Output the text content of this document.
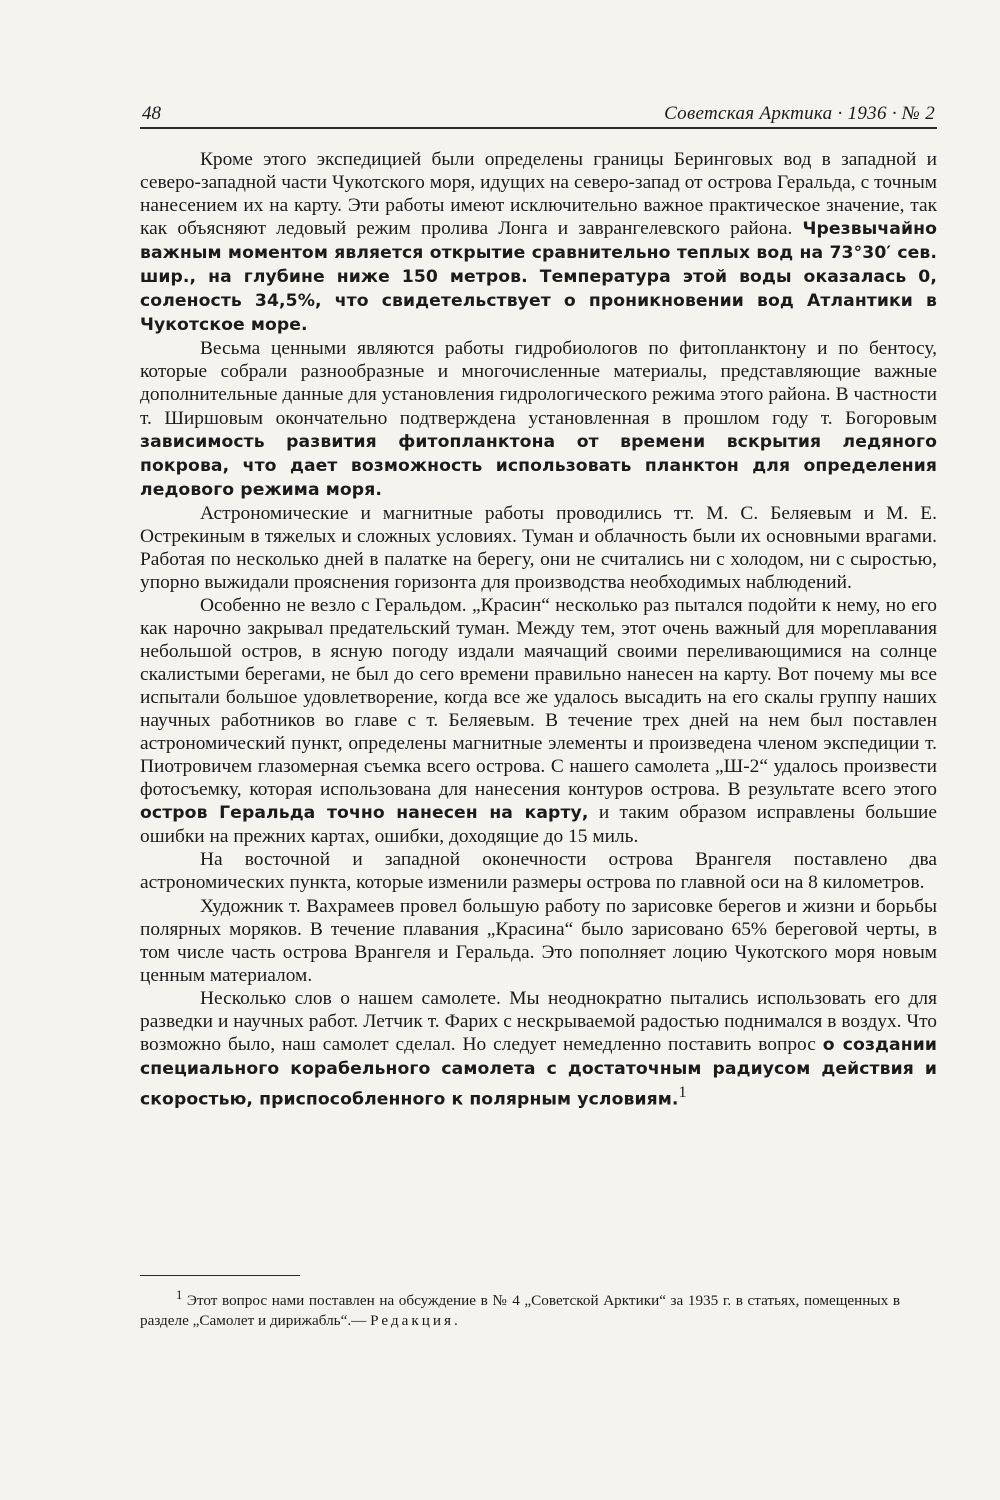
48	Советская Арктика · 1936 · № 2

Кроме этого экспедицией были определены границы Беринговых вод в западной и северо-западной части Чукотского моря, идущих на северо-запад от острова Геральда, с точным нанесением их на карту. Эти работы имеют исключительно важное практическое значение, так как объясняют ледовый режим пролива Лонга и завpангелевского района. Чрезвычайно важным моментом является открытие сравнительно теплых вод на 73°30′ сев. шир., на глубине ниже 150 метров. Температура этой воды оказалась 0, соленость 34,5%, что свидетельствует о проникновении вод Атлантики в Чукотское море.

Весьма ценными являются работы гидробиологов по фитопланктону и по бентосу, которые собрали разнообразные и многочисленные материалы, представляющие важные дополнительные данные для установления гидрологического режима этого района. В частности т. Ширшовым окончательно подтверждена установленная в прошлом году т. Богоровым зависимость развития фитопланктона от времени вскрытия ледяного покрова, что дает возможность использовать планктон для определения ледового режима моря.

Астрономические и магнитные работы проводились тт. М. С. Беляевым и М. Е. Острекиным в тяжелых и сложных условиях. Туман и облачность были их основными врагами. Работая по несколько дней в палатке на берегу, они не считались ни с холодом, ни с сыростью, упорно выжидали прояснения горизонта для производства необходимых наблюдений.

Особенно не везло с Геральдом. „Красин“ несколько раз пытался подойти к нему, но его как нарочно закрывал предательский туман. Между тем, этот очень важный для мореплавания небольшой остров, в ясную погоду издали маячащий своими переливающимися на солнце скалистыми берегами, не был до сего времени правильно нанесен на карту. Вот почему мы все испытали большое удовлетворение, когда все же удалось высадить на его скалы группу наших научных работников во главе с т. Беляевым. В течение трех дней на нем был поставлен астрономический пункт, определены магнитные элементы и произведена членом экспедиции т. Пиотровичем глазомерная съемка всего острова. С нашего самолета „Ш-2“ удалось произвести фотосъемку, которая использована для нанесения контуров острова. В результате всего этого остров Геральда точно нанесен на карту, и таким образом исправлены большие ошибки на прежних картах, ошибки, доходящие до 15 миль.

На восточной и западной оконечности острова Врангеля поставлено два астрономических пункта, которые изменили размеры острова по главной оси на 8 километров.

Художник т. Вахрамеев провел большую работу по зарисовке берегов и жизни и борьбы полярных моряков. В течение плавания „Красина“ было зарисовано 65% береговой черты, в том числе часть острова Врангеля и Геральда. Это пополняет лоцию Чукотского моря новым ценным материалом.

Несколько слов о нашем самолете. Мы неоднократно пытались использовать его для разведки и научных работ. Летчик т. Фарих с нескрываемой радостью поднимался в воздух. Что возможно было, наш самолет сделал. Но следует немедленно поставить вопрос о создании специального корабельного самолета с достаточным радиусом действия и скоростью, приспособленного к полярным условиям.$^1$

$^1$ Этот вопрос нами поставлен на обсуждение в № 4 „Советской Арктики“ за 1935 г. в статьях, помещенных в разделе „Самолет и дирижабль“.— Редакция.
